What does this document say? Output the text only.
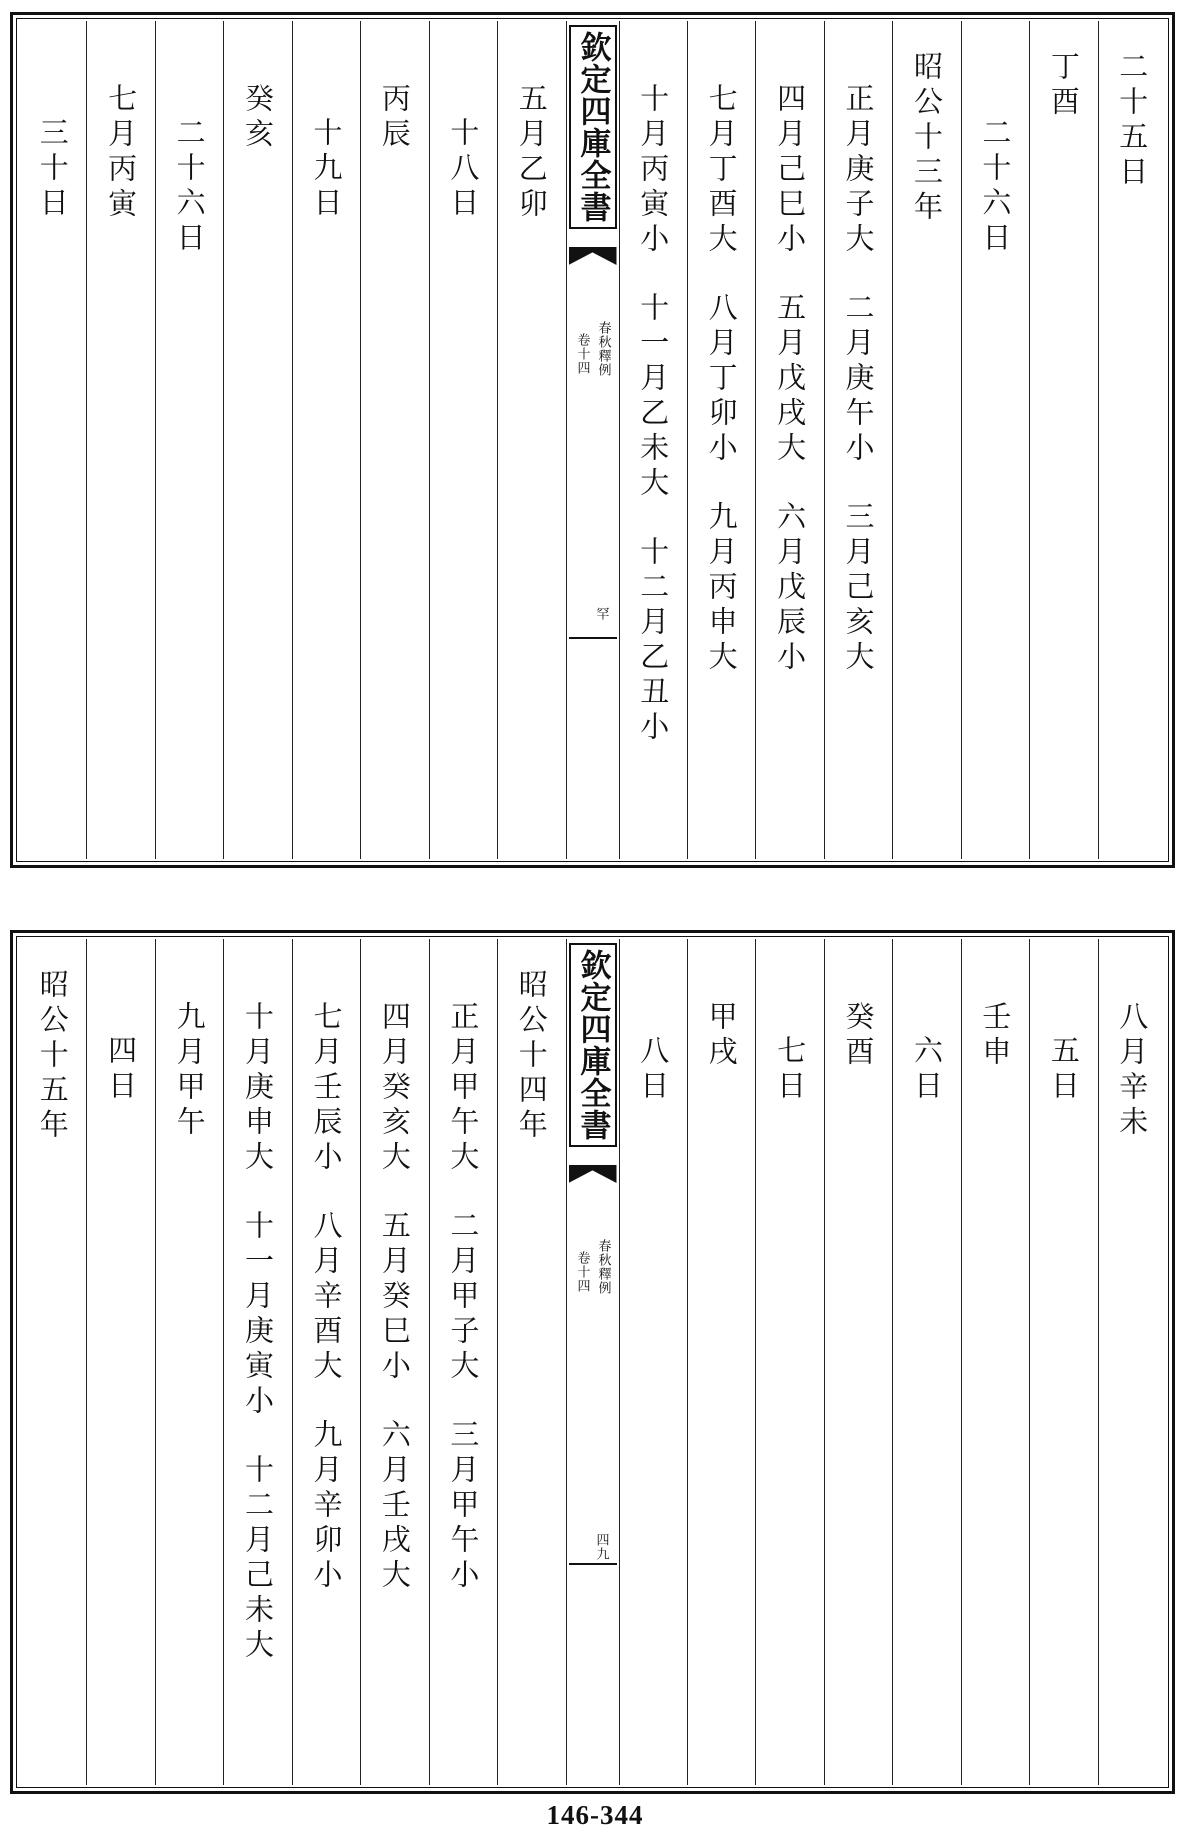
二十五日
丁酉
二十六日
昭公十三年
正月庚子大二月庚午小三月己亥大
四月己巳小五月戊戌大六月戊辰小
七月丁酉大八月丁卯小九月丙申大
十月丙寅小十一月乙未大十二月乙丑小
欽定四庫全書
春秋釋例
卷十四
罕
五月乙卯
十八日
丙辰
十九日
癸亥
二十六日
七月丙寅
三十日
八月辛未
五日
壬申
六日
癸酉
七日
甲戌
八日
欽定四庫全書
春秋釋例
卷十四
四九
昭公十四年
正月甲午大二月甲子大三月甲午小
四月癸亥大五月癸巳小六月壬戌大
七月壬辰小八月辛酉大九月辛卯小
十月庚申大十一月庚寅小十二月己未大
九月甲午
四日
昭公十五年
146-344
